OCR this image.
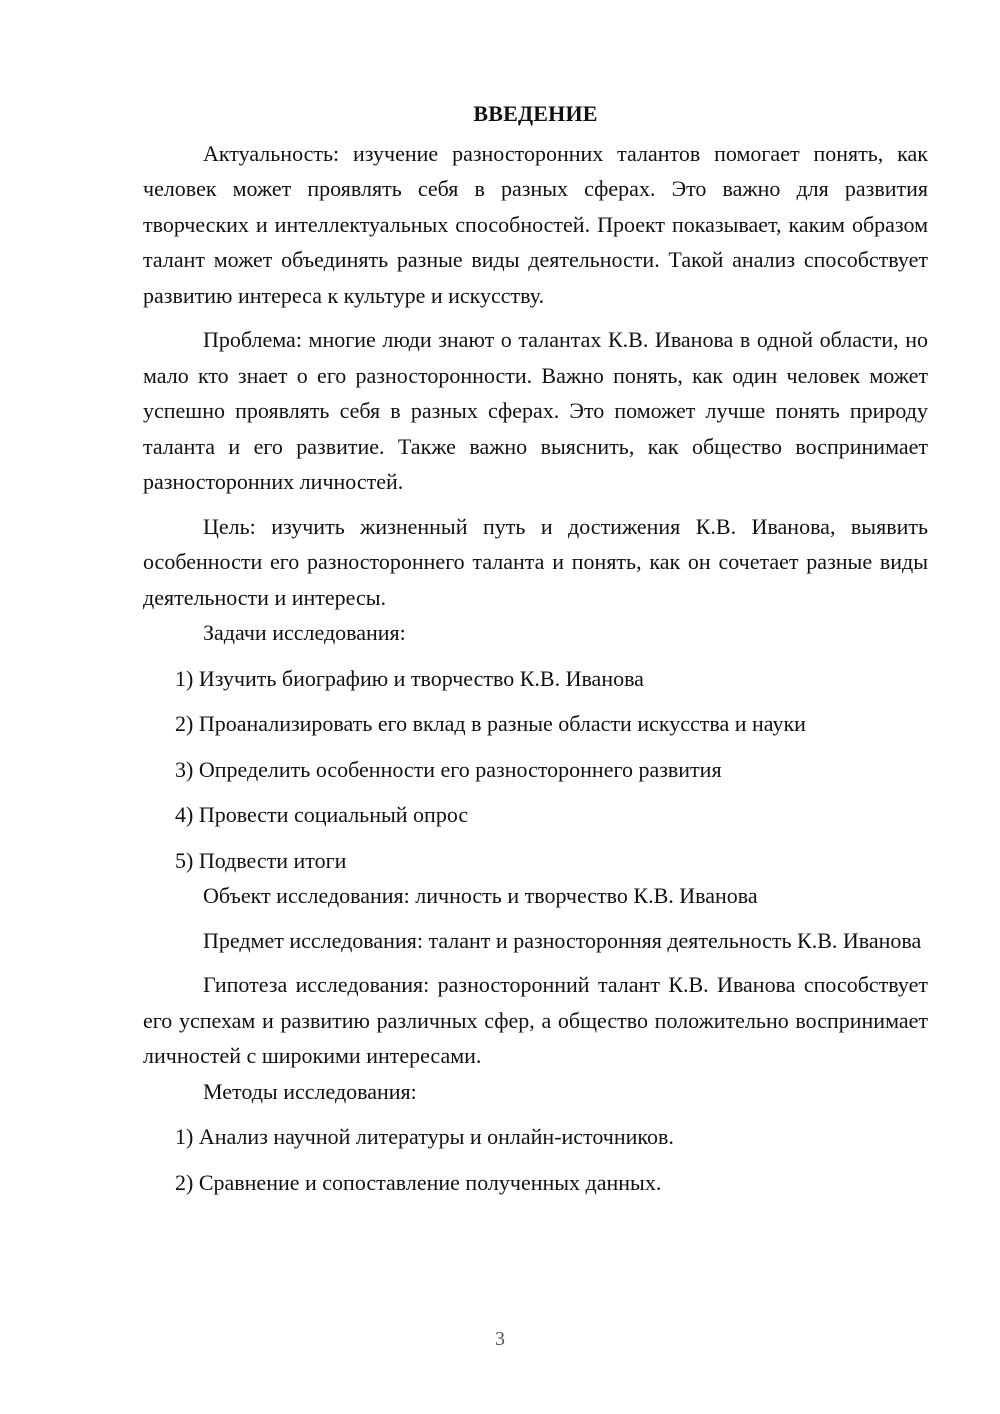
ВВЕДЕНИЕ

Актуальность: изучение разносторонних талантов помогает понять, как человек может проявлять себя в разных сферах. Это важно для развития творческих и интеллектуальных способностей. Проект показывает, каким образом талант может объединять разные виды деятельности. Такой анализ способствует развитию интереса к культуре и искусству.

Проблема: многие люди знают о талантах К.В. Иванова в одной области, но мало кто знает о его разносторонности. Важно понять, как один человек может успешно проявлять себя в разных сферах. Это поможет лучше понять природу таланта и его развитие. Также важно выяснить, как общество воспринимает разносторонних личностей.

Цель: изучить жизненный путь и достижения К.В. Иванова, выявить особенности его разностороннего таланта и понять, как он сочетает разные виды деятельности и интересы.

Задачи исследования:

1) Изучить биографию и творчество К.В. Иванова

2) Проанализировать его вклад в разные области искусства и науки

3) Определить особенности его разностороннего развития

4) Провести социальный опрос

5) Подвести итоги

Объект исследования: личность и творчество К.В. Иванова

Предмет исследования: талант и разносторонняя деятельность К.В. Иванова

Гипотеза исследования: разносторонний талант К.В. Иванова способствует его успехам и развитию различных сфер, а общество положительно воспринимает личностей с широкими интересами.

Методы исследования:

1) Анализ научной литературы и онлайн-источников.

2) Сравнение и сопоставление полученных данных.

3
